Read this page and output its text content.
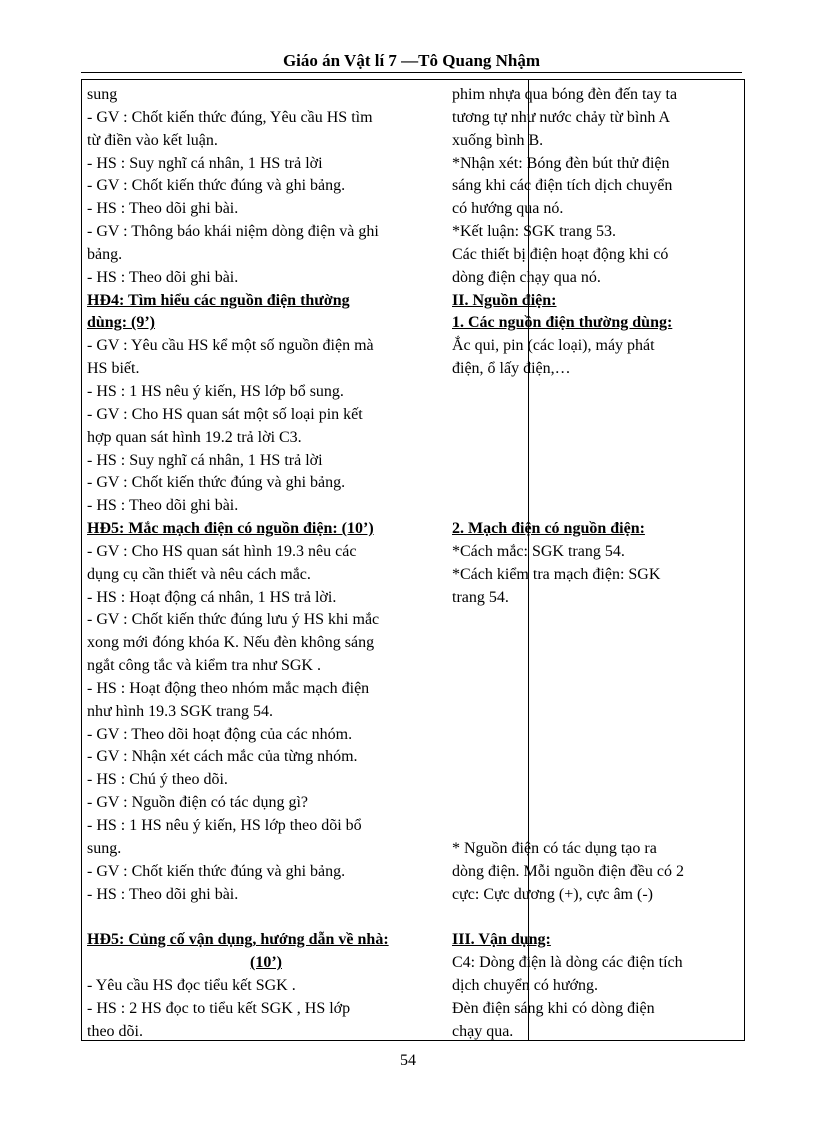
Giáo án Vật lí 7 —Tô Quang Nhậm
sung
- GV : Chốt kiến thức đúng, Yêu cầu HS tìm
từ điền vào kết luận.
- HS : Suy nghĩ cá nhân, 1 HS trả lời
- GV : Chốt kiến thức đúng và ghi bảng.
- HS : Theo dõi ghi bài.
- GV : Thông báo khái niệm dòng điện và ghi
bảng.
- HS : Theo dõi ghi bài.
HĐ4: Tìm hiểu các nguồn điện thường
dùng: (9’)
- GV : Yêu cầu HS kể một số nguồn điện mà
HS biết.
- HS : 1 HS nêu ý kiến, HS lớp bổ sung.
- GV : Cho HS quan sát một số loại pin kết
hợp quan sát hình 19.2 trả lời C3.
- HS : Suy nghĩ cá nhân, 1 HS trả lời
- GV : Chốt kiến thức đúng và ghi bảng.
- HS : Theo dõi ghi bài.
HĐ5: Mắc mạch điện có nguồn điện: (10’)
- GV : Cho HS quan sát hình 19.3 nêu các
dụng cụ cần thiết và nêu cách mắc.
- HS : Hoạt động cá nhân, 1 HS trả lời.
- GV : Chốt kiến thức đúng lưu ý HS khi mắc
xong mới đóng khóa K. Nếu đèn không sáng
ngắt công tắc và kiểm tra như SGK .
- HS : Hoạt động theo nhóm mắc mạch điện
như hình 19.3 SGK trang 54.
- GV : Theo dõi hoạt động của các nhóm.
- GV : Nhận xét cách mắc của từng nhóm.
- HS : Chú ý theo dõi.
- GV : Nguồn điện có tác dụng gì?
- HS : 1 HS nêu ý kiến, HS lớp theo dõi bổ
sung.
- GV : Chốt kiến thức đúng và ghi bảng.
- HS : Theo dõi ghi bài.
HĐ5: Củng cố vận dụng, hướng dẫn về nhà:
(10’)
- Yêu cầu HS đọc tiểu kết SGK .
- HS : 2 HS đọc to tiểu kết SGK , HS lớp
theo dõi.
phim nhựa qua bóng đèn đến tay ta
tương tự như nước chảy từ bình A
xuống bình B.
*Nhận xét: Bóng đèn bút thử điện
sáng khi các điện tích dịch chuyển
có hướng qua nó.
*Kết luận: SGK trang 53.
Các thiết bị điện hoạt động khi có
dòng điện chạy qua nó.
II. Nguồn điện:
1. Các nguồn điện thường dùng:
Ắc qui, pin (các loại), máy phát
điện, ổ lấy điện,…
2. Mạch điện có nguồn điện:
*Cách mắc: SGK trang 54.
*Cách kiểm tra mạch điện: SGK
trang 54.
* Nguồn điện có tác dụng tạo ra
dòng điện. Mỗi nguồn điện đều có 2
cực: Cực dương (+), cực âm (-)
III. Vận dụng:
C4: Dòng điện là dòng các điện tích
dịch chuyển có hướng.
Đèn điện sáng khi có dòng điện
chạy qua.
54
